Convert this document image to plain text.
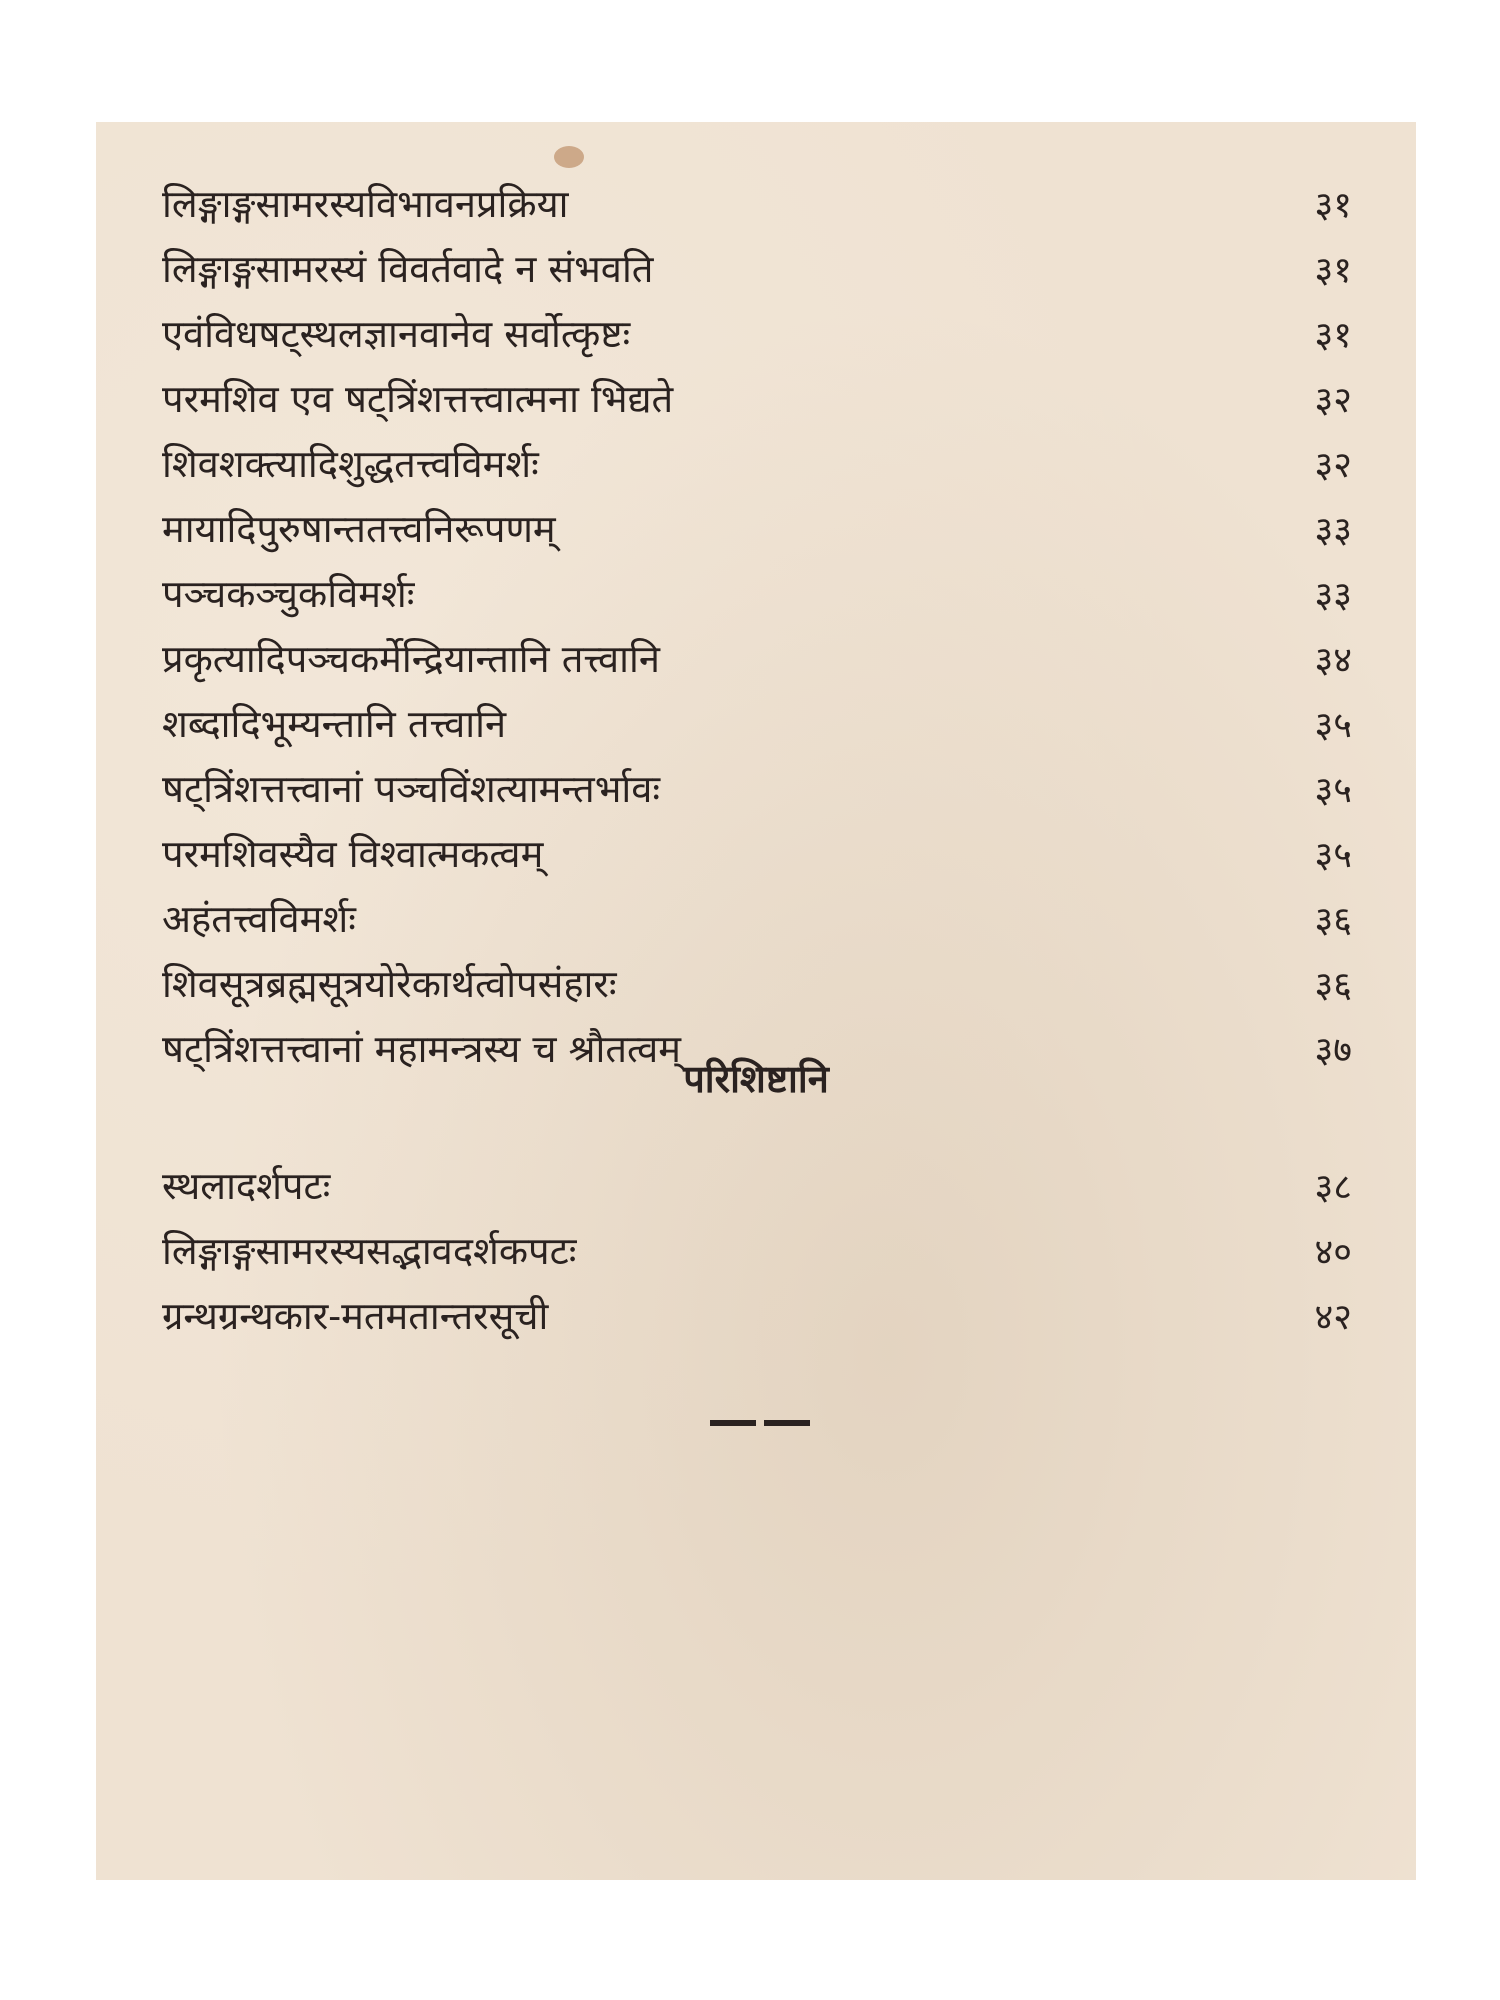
लिङ्गाङ्गसामरस्यविभावनप्रक्रिया	३१
लिङ्गाङ्गसामरस्यं विवर्तवादे न संभवति	३१
एवंविधषट्स्थलज्ञानवानेव सर्वोत्कृष्टः	३१
परमशिव एव षट्त्रिंशत्तत्त्वात्मना भिद्यते	३२
शिवशक्त्यादिशुद्धतत्त्वविमर्शः	३२
मायादिपुरुषान्ततत्त्वनिरूपणम्	३३
पञ्चकञ्चुकविमर्शः	३३
प्रकृत्यादिपञ्चकर्मेन्द्रियान्तानि तत्त्वानि	३४
शब्दादिभूम्यन्तानि तत्त्वानि	३५
षट्त्रिंशत्तत्त्वानां पञ्चविंशत्यामन्तर्भावः	३५
परमशिवस्यैव विश्वात्मकत्वम्	३५
अहंतत्त्वविमर्शः	३६
शिवसूत्रब्रह्मसूत्रयोरेकार्थत्वोपसंहारः	३६
षट्त्रिंशत्तत्त्वानां महामन्त्रस्य च श्रौतत्वम्	३७
परिशिष्टानि
स्थलादर्शपटः	३८
लिङ्गाङ्गसामरस्यसद्भावदर्शकपटः	४०
ग्रन्थग्रन्थकार-मतमतान्तरसूची	४२
